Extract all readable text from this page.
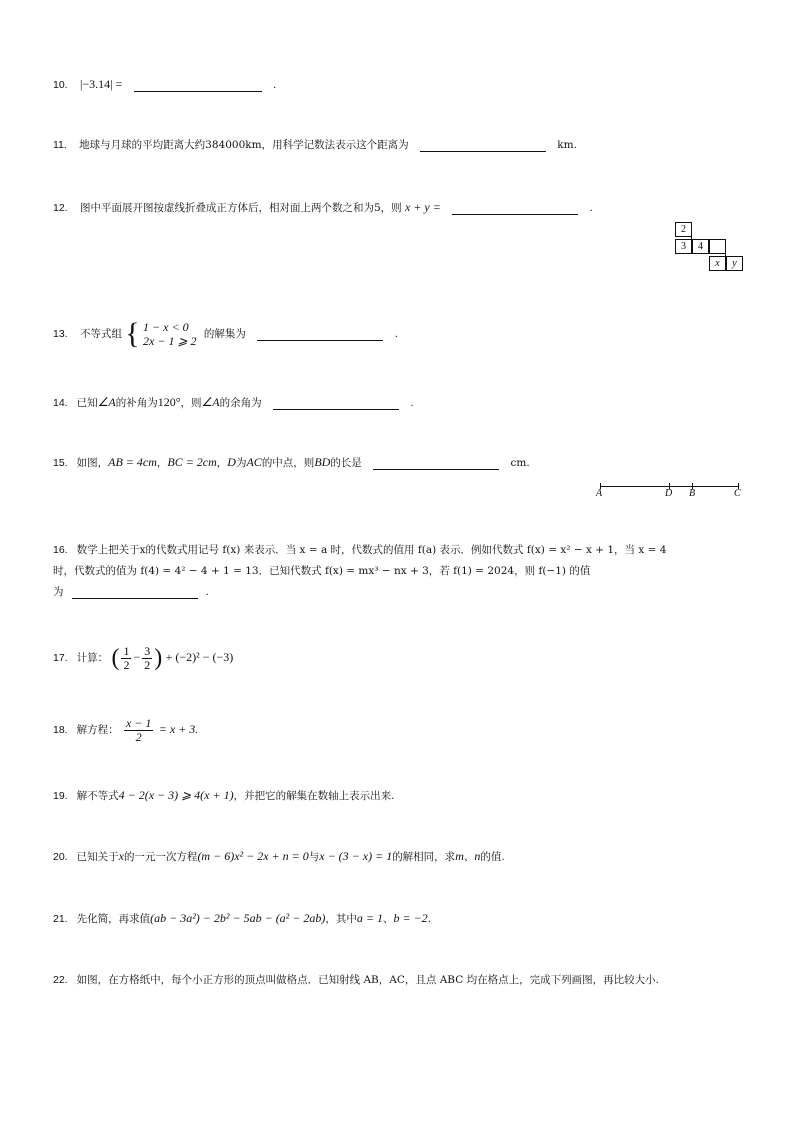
10. |−3.14| =	.
11. 地球与月球的平均距离大约384000km，用科学记数法表示这个距离为	km.
12. 图中平面展开图按虚线折叠成正方体后，相对面上两个数之和为5，则 x + y =	.
2
3	4
x	y
13. 不等式组 { 1 − x < 0
2x − 1 ⩾ 2 的解集为	.
14. 已知∠A的补角为120°，则∠A的余角为	.
15. 如图，AB = 4cm，BC = 2cm，D为AC的中点，则BD的长是	cm.
A	D B	C
16. 数学上把关于x的代数式用记号 f(x) 来表示．当 x = a 时，代数式的值用 f(a) 表示．例如代数式 f(x) = x² − x + 1，当 x = 4
时，代数式的值为 f(4) = 4² − 4 + 1 = 13．已知代数式 f(x) = mx³ − nx + 3，若 f(1) = 2024，则 f(−1) 的值
为	.
17. 计算： ( $\frac{1}{2} - \frac{3}{2}$ ) + (−2)² − (−3)
18. 解方程： $\frac{x - 1}{2} = x + 3$.
19. 解不等式4 − 2(x − 3) ⩾ 4(x + 1)，并把它的解集在数轴上表示出来.
20. 已知关于x的一元一次方程(m − 6)x² − 2x + n = 0与x − (3 − x) = 1的解相同，求m、n的值.
21. 先化简，再求值(ab − 3a²) − 2b² − 5ab − (a² − 2ab)，其中a = 1、b = −2.
22. 如图，在方格纸中，每个小正方形的顶点叫做格点．已知射线 AB，AC，且点 ABC 均在格点上，完成下列画图，再比较大小.
